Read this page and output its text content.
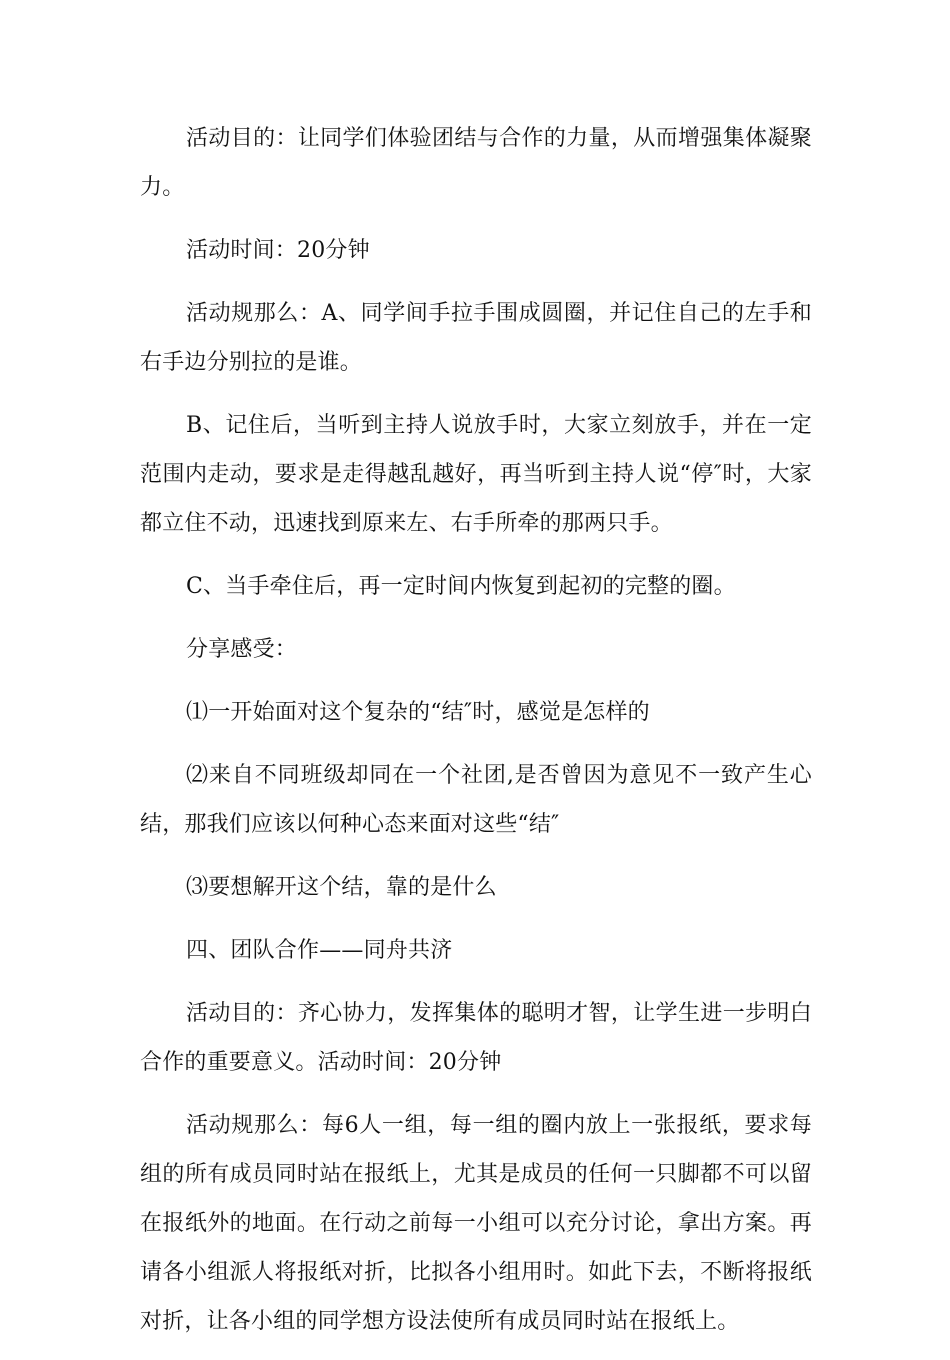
活动目的：让同学们体验团结与合作的力量，从而增强集体凝聚力。

活动时间：20分钟

活动规那么：A、同学间手拉手围成圆圈，并记住自己的左手和右手边分别拉的是谁。

B、记住后，当听到主持人说放手时，大家立刻放手，并在一定范围内走动，要求是走得越乱越好，再当听到主持人说“停″时，大家都立住不动，迅速找到原来左、右手所牵的那两只手。

C、当手牵住后，再一定时间内恢复到起初的完整的圈。

分享感受：

⑴一开始面对这个复杂的“结″时，感觉是怎样的

⑵来自不同班级却同在一个社团,是否曾因为意见不一致产生心结，那我们应该以何种心态来面对这些“结″

⑶要想解开这个结，靠的是什么

四、团队合作——同舟共济

活动目的：齐心协力，发挥集体的聪明才智，让学生进一步明白合作的重要意义。活动时间：20分钟

活动规那么：每6人一组，每一组的圈内放上一张报纸，要求每组的所有成员同时站在报纸上，尤其是成员的任何一只脚都不可以留在报纸外的地面。在行动之前每一小组可以充分讨论，拿出方案。再请各小组派人将报纸对折，比拟各小组用时。如此下去，不断将报纸对折，让各小组的同学想方设法使所有成员同时站在报纸上。
